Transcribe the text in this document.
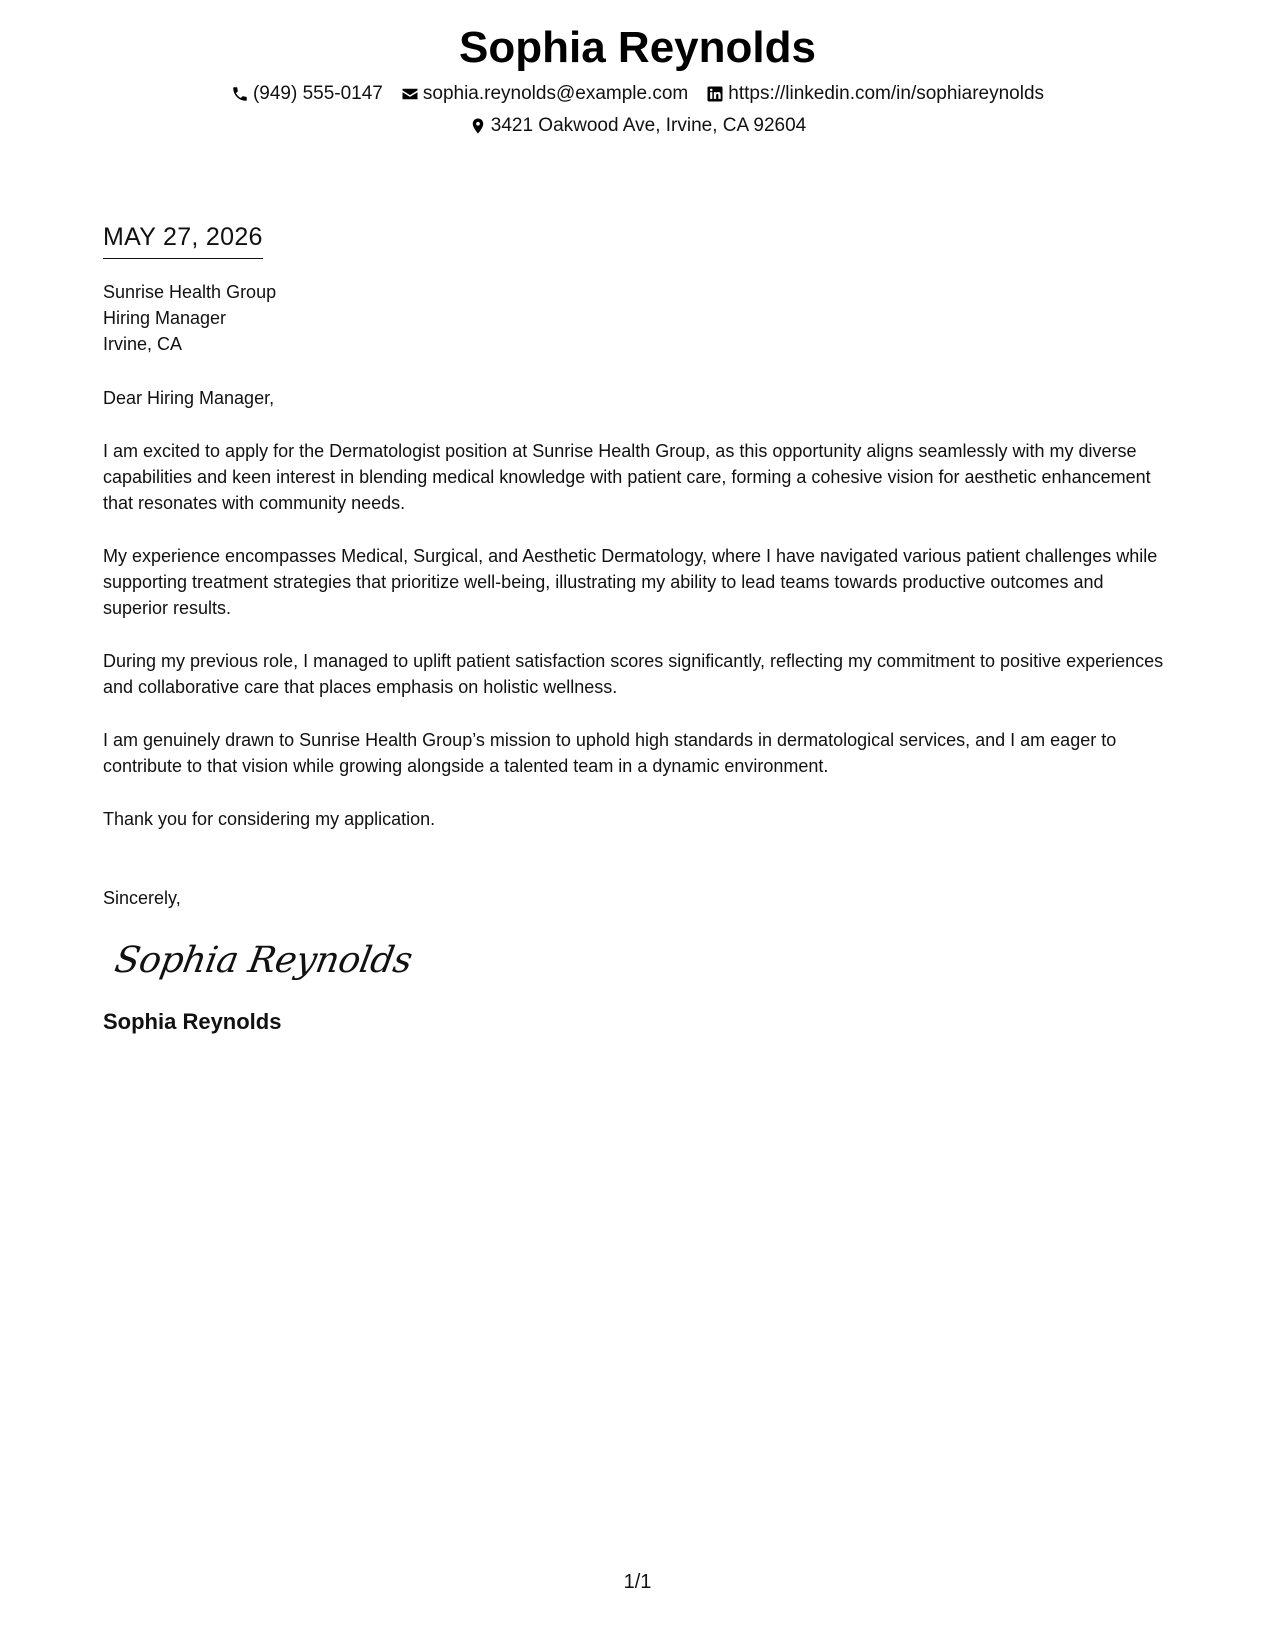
Sophia Reynolds
(949) 555-0147 sophia.reynolds@example.com https://linkedin.com/in/sophiareynolds
3421 Oakwood Ave, Irvine, CA 92604
MAY 27, 2026
Sunrise Health Group
Hiring Manager
Irvine, CA
Dear Hiring Manager,
I am excited to apply for the Dermatologist position at Sunrise Health Group, as this opportunity aligns seamlessly with my diverse capabilities and keen interest in blending medical knowledge with patient care, forming a cohesive vision for aesthetic enhancement that resonates with community needs.
My experience encompasses Medical, Surgical, and Aesthetic Dermatology, where I have navigated various patient challenges while supporting treatment strategies that prioritize well-being, illustrating my ability to lead teams towards productive outcomes and superior results.
During my previous role, I managed to uplift patient satisfaction scores significantly, reflecting my commitment to positive experiences and collaborative care that places emphasis on holistic wellness.
I am genuinely drawn to Sunrise Health Group’s mission to uphold high standards in dermatological services, and I am eager to contribute to that vision while growing alongside a talented team in a dynamic environment.
Thank you for considering my application.
Sincerely,
Sophia Reynolds
Sophia Reynolds
1/1
